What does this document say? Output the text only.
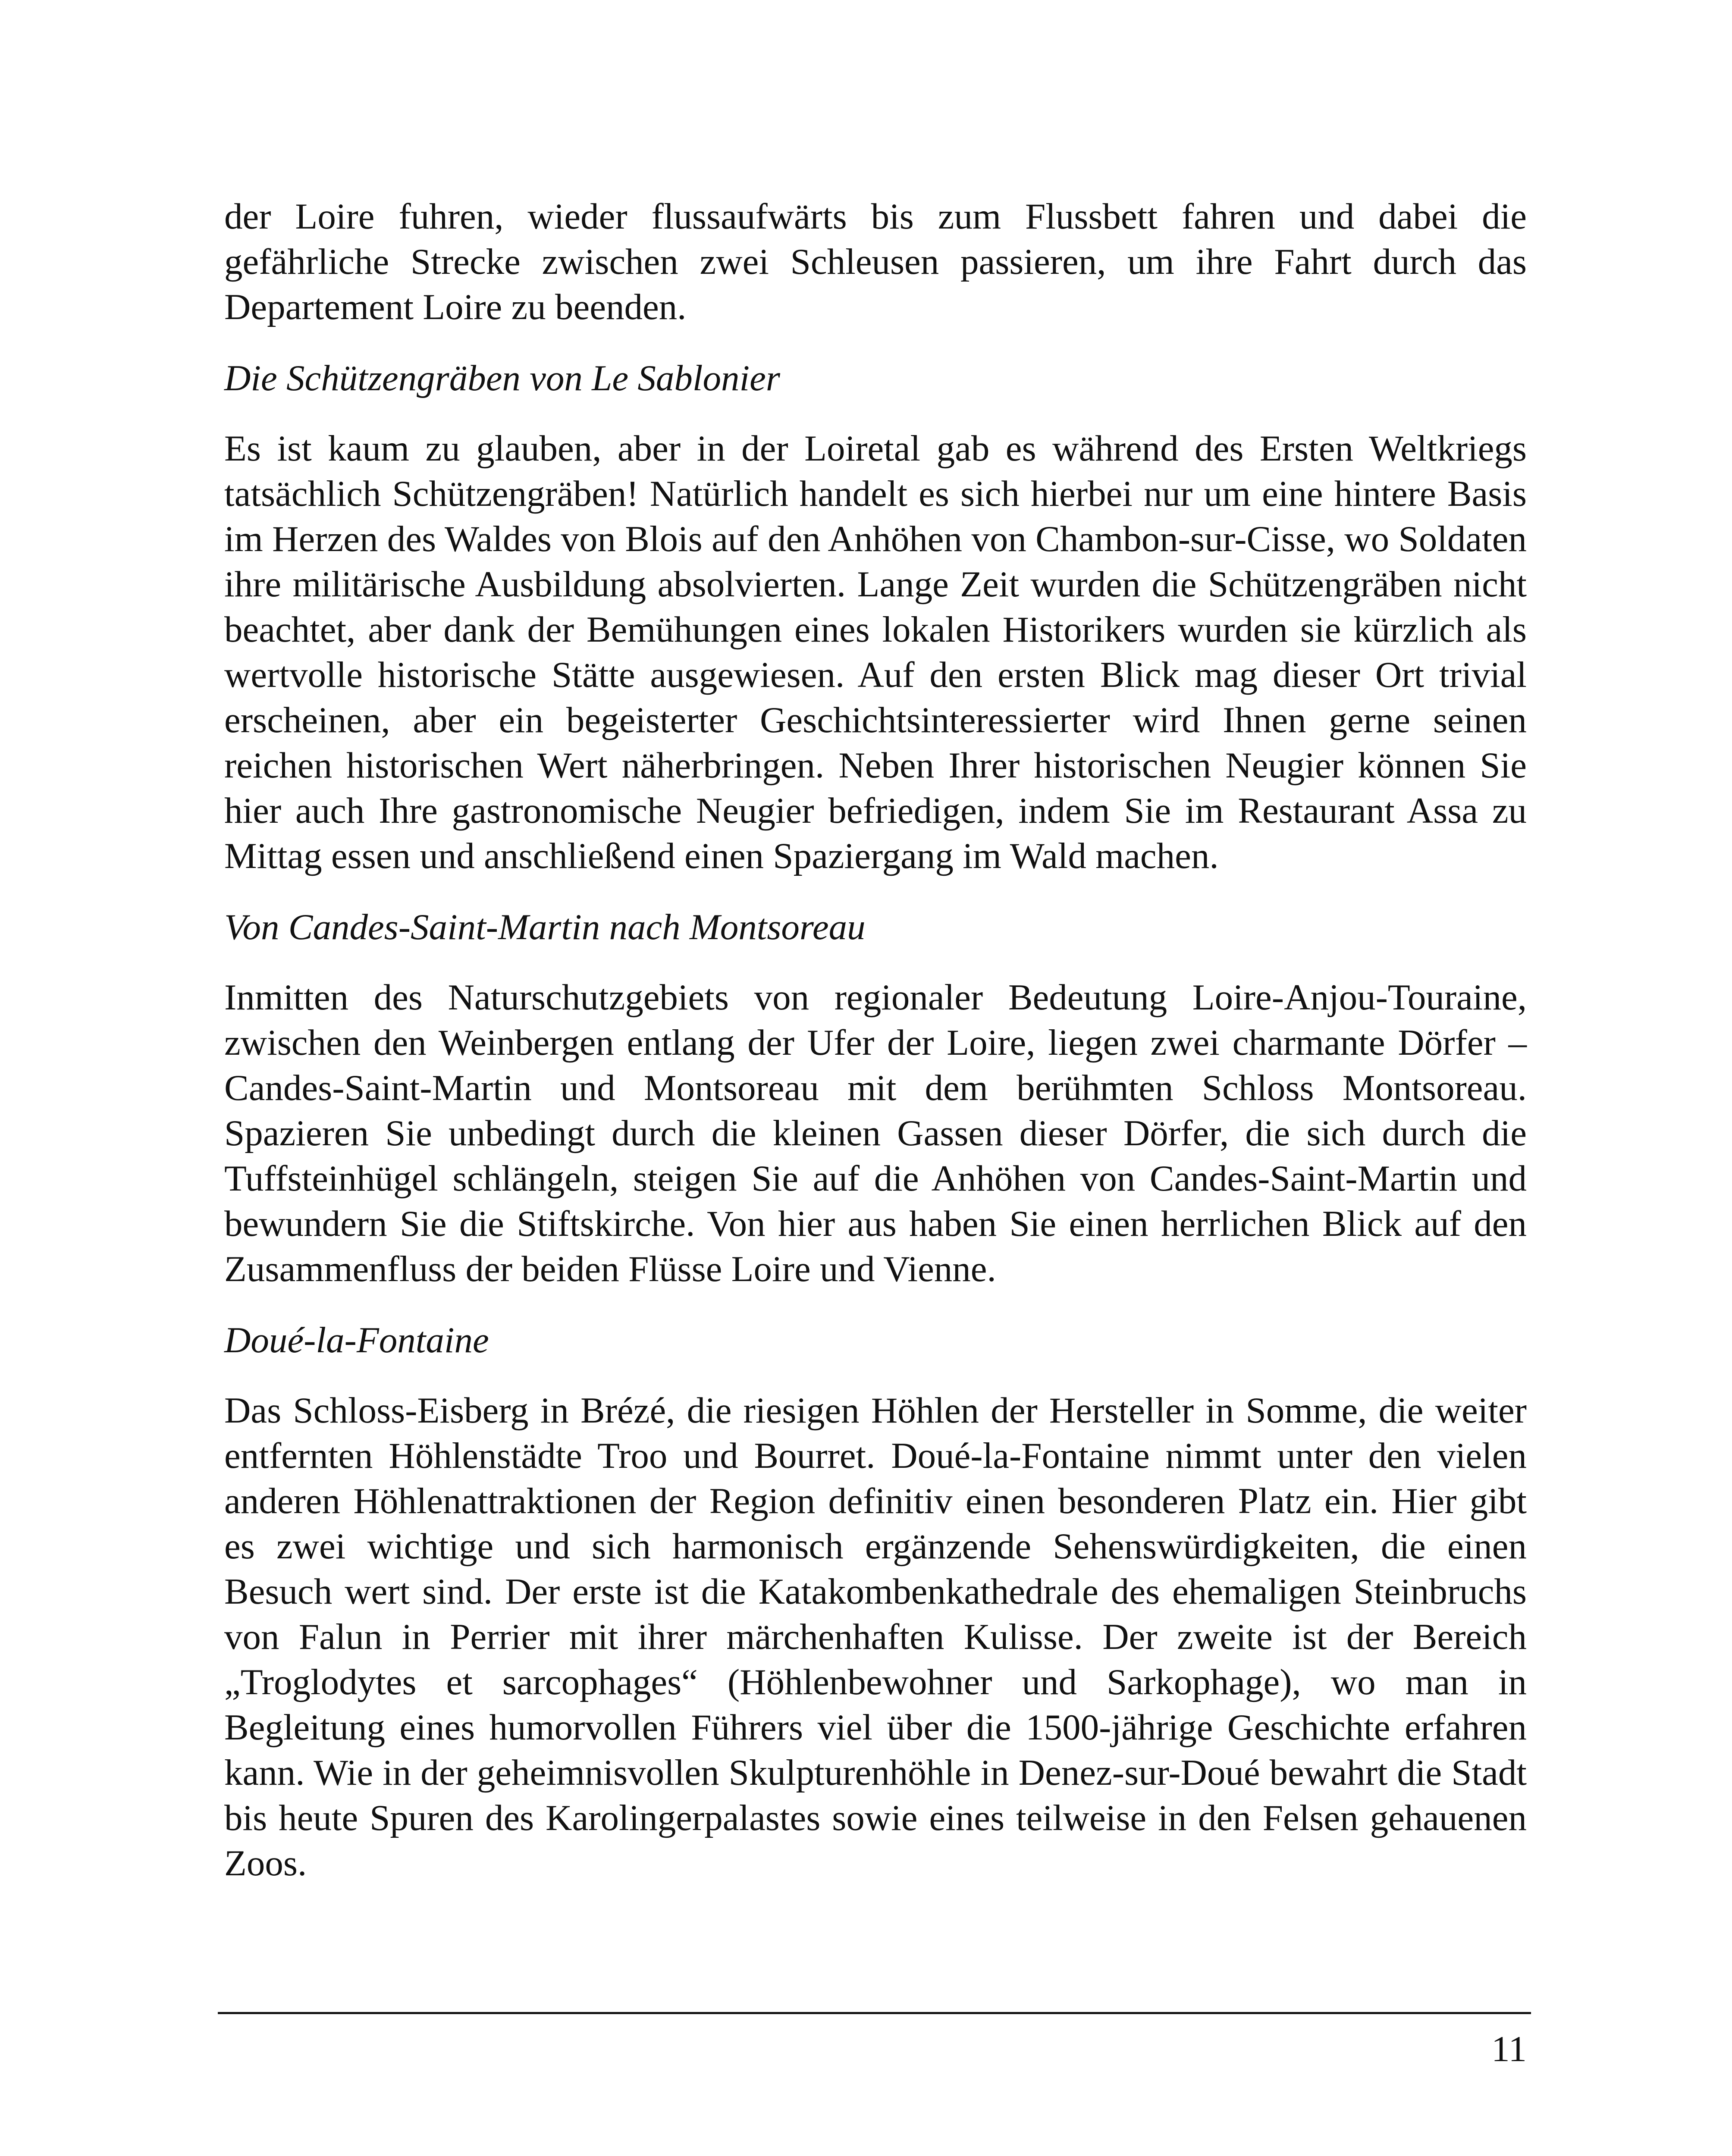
der Loire fuhren, wieder flussaufwärts bis zum Flussbett fahren und dabei die gefährliche Strecke zwischen zwei Schleusen passieren, um ihre Fahrt durch das Departement Loire zu beenden.

Die Schützengräben von Le Sablonier

Es ist kaum zu glauben, aber in der Loiretal gab es während des Ersten Weltkriegs tatsächlich Schützengräben! Natürlich handelt es sich hierbei nur um eine hintere Basis im Herzen des Waldes von Blois auf den Anhöhen von Chambon-sur-Cisse, wo Soldaten ihre militärische Ausbildung absolvierten. Lange Zeit wurden die Schützengräben nicht beachtet, aber dank der Bemühungen eines lokalen Historikers wurden sie kürzlich als wertvolle historische Stätte ausgewiesen. Auf den ersten Blick mag dieser Ort trivial erscheinen, aber ein begeisterter Geschichtsinteressierter wird Ihnen gerne seinen reichen historischen Wert näherbringen. Neben Ihrer historischen Neugier können Sie hier auch Ihre gastronomische Neugier befriedigen, indem Sie im Restaurant Assa zu Mittag essen und anschließend einen Spaziergang im Wald machen.

Von Candes-Saint-Martin nach Montsoreau

Inmitten des Naturschutzgebiets von regionaler Bedeutung Loire-Anjou-Touraine, zwischen den Weinbergen entlang der Ufer der Loire, liegen zwei charmante Dörfer – Candes-Saint-Martin und Montsoreau mit dem berühmten Schloss Montsoreau. Spazieren Sie unbedingt durch die kleinen Gassen dieser Dörfer, die sich durch die Tuffsteinhügel schlängeln, steigen Sie auf die Anhöhen von Candes-Saint-Martin und bewundern Sie die Stiftskirche. Von hier aus haben Sie einen herrlichen Blick auf den Zusammenfluss der beiden Flüsse Loire und Vienne.

Doué-la-Fontaine

Das Schloss-Eisberg in Brézé, die riesigen Höhlen der Hersteller in Somme, die weiter entfernten Höhlenstädte Troo und Bourret. Doué-la-Fontaine nimmt unter den vielen anderen Höhlenattraktionen der Region definitiv einen besonderen Platz ein. Hier gibt es zwei wichtige und sich harmonisch ergänzende Sehenswürdigkeiten, die einen Besuch wert sind. Der erste ist die Katakombenkathedrale des ehemaligen Steinbruchs von Falun in Perrier mit ihrer märchenhaften Kulisse. Der zweite ist der Bereich „Troglodytes et sarcophages“ (Höhlenbewohner und Sarkophage), wo man in Begleitung eines humorvollen Führers viel über die 1500-jährige Geschichte erfahren kann. Wie in der geheimnisvollen Skulpturenhöhle in Denez-sur-Doué bewahrt die Stadt bis heute Spuren des Karolingerpalastes sowie eines teilweise in den Felsen gehauenen Zoos.

11
